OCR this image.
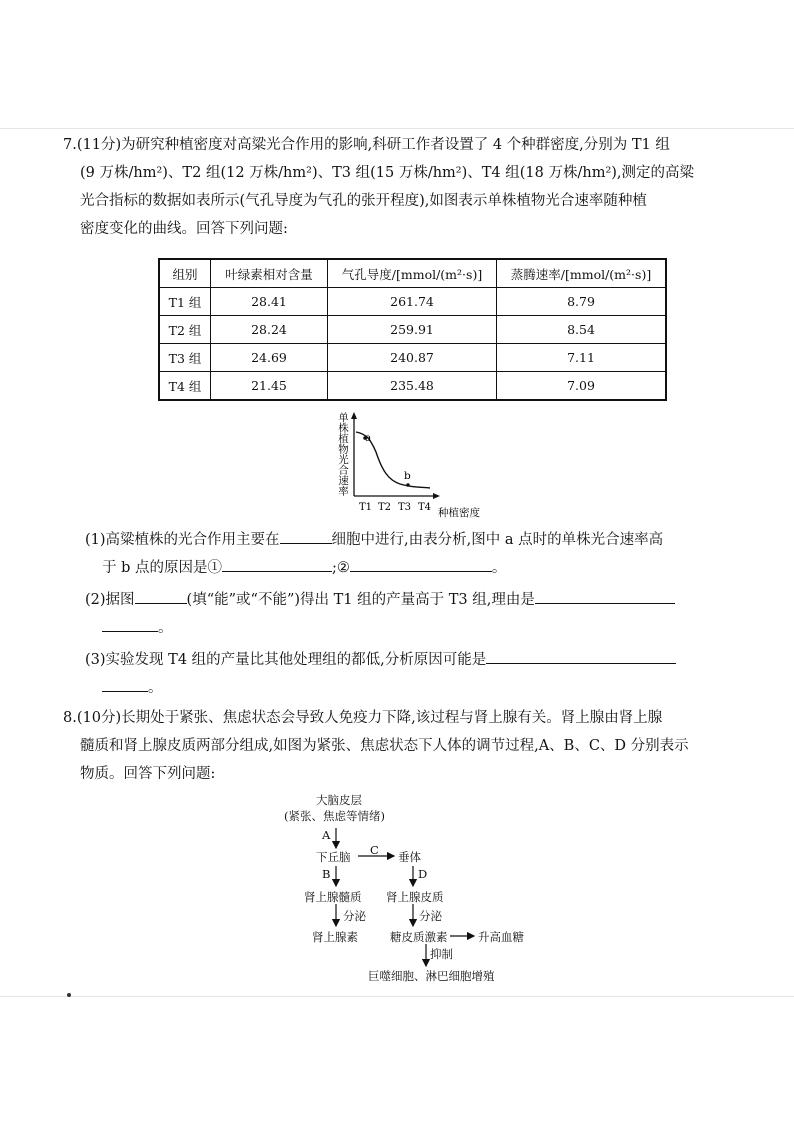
7.(11分)为研究种植密度对高粱光合作用的影响,科研工作者设置了 4 个种群密度,分别为 T1 组
(9 万株/hm²)、T2 组(12 万株/hm²)、T3 组(15 万株/hm²)、T4 组(18 万株/hm²),测定的高粱
光合指标的数据如表所示(气孔导度为气孔的张开程度),如图表示单株植物光合速率随种植
密度变化的曲线。回答下列问题:
组别	叶绿素相对含量	气孔导度/[mmol/(m²·s)]	蒸腾速率/[mmol/(m²·s)]
T1 组	28.41	261.74	8.79
T2 组	28.24	259.91	8.54
T3 组	24.69	240.87	7.11
T4 组	21.45	235.48	7.09
单株植物光合速率 a
b
T1 T2 T3 T4 种植密度
(1)高粱植株的光合作用主要在	细胞中进行,由表分析,图中 a 点时的单株光合速率高
于 b 点的原因是①	;②	。
(2)据图	(填“能”或“不能”)得出 T1 组的产量高于 T3 组,理由是
。
(3)实验发现 T4 组的产量比其他处理组的都低,分析原因可能是
。
8.(10分)长期处于紧张、焦虑状态会导致人免疫力下降,该过程与肾上腺有关。肾上腺由肾上腺
髓质和肾上腺皮质两部分组成,如图为紧张、焦虑状态下人体的调节过程,A、B、C、D 分别表示
物质。回答下列问题:
大脑皮层
(紧张、焦虑等情绪)
A
下丘脑 C 垂体
B	D
肾上腺髓质 肾上腺皮质
分泌	分泌
肾上腺素	糖皮质激素	升高血糖
抑制
巨噬细胞、淋巴细胞增殖
